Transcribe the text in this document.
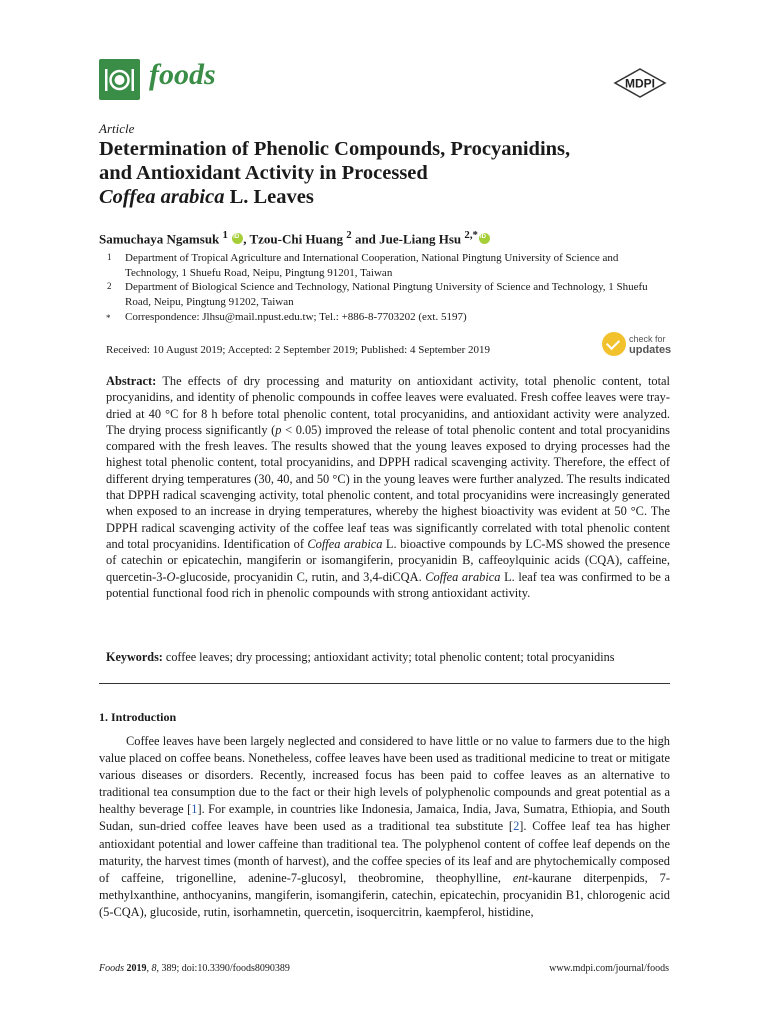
foods	MDPI
Article
Determination of Phenolic Compounds, Procyanidins,
and Antioxidant Activity in Processed
Coffea arabica L. Leaves
Samuchaya Ngamsuk $^1$ iD , Tzou-Chi Huang $^2$ and Jue-Liang Hsu $^{2,*}$iD
1 Department of Tropical Agriculture and International Cooperation, National Pingtung University of Science and Technology, 1 Shuefu Road, Neipu, Pingtung 91201, Taiwan
2 Department of Biological Science and Technology, National Pingtung University of Science and Technology, 1 Shuefu Road, Neipu, Pingtung 91202, Taiwan
* Correspondence: Jlhsu@mail.npust.edu.tw; Tel.: +886-8-7703202 (ext. 5197)
Received: 10 August 2019; Accepted: 2 September 2019; Published: 4 September 2019
check for
updates
Abstract: The effects of dry processing and maturity on antioxidant activity, total phenolic content, total procyanidins, and identity of phenolic compounds in coffee leaves were evaluated. Fresh coffee leaves were tray-dried at 40 °C for 8 h before total phenolic content, total procyanidins, and antioxidant activity were analyzed. The drying process significantly (p < 0.05) improved the release of total phenolic content and total procyanidins compared with the fresh leaves. The results showed that the young leaves exposed to drying processes had the highest total phenolic content, total procyanidins, and DPPH radical scavenging activity. Therefore, the effect of different drying temperatures (30, 40, and 50 °C) in the young leaves were further analyzed. The results indicated that DPPH radical scavenging activity, total phenolic content, and total procyanidins were increasingly generated when exposed to an increase in drying temperatures, whereby the highest bioactivity was evident at 50 °C. The DPPH radical scavenging activity of the coffee leaf teas was significantly correlated with total phenolic content and total procyanidins. Identification of Coffea arabica L. bioactive compounds by LC-MS showed the presence of catechin or epicatechin, mangiferin or isomangiferin, procyanidin B, caffeoylquinic acids (CQA), caffeine, quercetin-3-O-glucoside, procyanidin C, rutin, and 3,4-diCQA. Coffea arabica L. leaf tea was confirmed to be a potential functional food rich in phenolic compounds with strong antioxidant activity.
Keywords: coffee leaves; dry processing; antioxidant activity; total phenolic content; total procyanidins
1. Introduction
Coffee leaves have been largely neglected and considered to have little or no value to farmers due to the high value placed on coffee beans. Nonetheless, coffee leaves have been used as traditional medicine to treat or mitigate various diseases or disorders. Recently, increased focus has been paid to coffee leaves as an alternative to traditional tea consumption due to the fact or their high levels of polyphenolic compounds and great potential as a healthy beverage [1]. For example, in countries like Indonesia, Jamaica, India, Java, Sumatra, Ethiopia, and South Sudan, sun-dried coffee leaves have been used as a traditional tea substitute [2]. Coffee leaf tea has higher antioxidant potential and lower caffeine than traditional tea. The polyphenol content of coffee leaf depends on the maturity, the harvest times (month of harvest), and the coffee species of its leaf and are phytochemically composed of caffeine, trigonelline, adenine-7-glucosyl, theobromine, theophylline, ent-kaurane diterpenpids, 7-methylxanthine, anthocyanins, mangiferin, isomangiferin, catechin, epicatechin, procyanidin B1, chlorogenic acid (5-CQA), glucoside, rutin, isorhamnetin, quercetin, isoquercitrin, kaempferol, histidine,
Foods 2019, 8, 389; doi:10.3390/foods8090389	www.mdpi.com/journal/foods
